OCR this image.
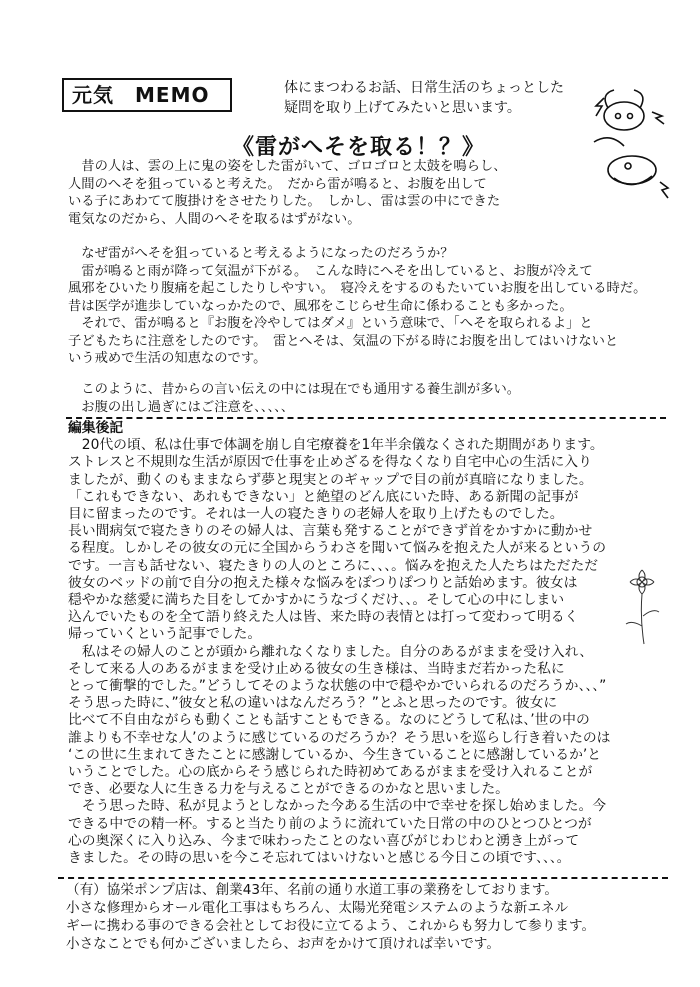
元気　MEMO	体にまつわるお話、日常生活のちょっとした
疑問を取り上げてみたいと思います。
《雷がへそを取る！？》
　昔の人は、雲の上に鬼の姿をした雷がいて、ゴロゴロと太鼓を鳴らし、
人間のへそを狙っていると考えた。　だから雷が鳴ると、お腹を出して
いる子にあわてて腹掛けをさせたりした。　しかし、雷は雲の中にできた
電気なのだから、人間のへそを取るはずがない。
　なぜ雷がへそを狙っていると考えるようになったのだろうか？
　雷が鳴ると雨が降って気温が下がる。　こんな時にへそを出していると、お腹が冷えて
風邪をひいたり腹痛を起こしたりしやすい。　寝冷えをするのもたいていお腹を出している時だ。
昔は医学が進歩していなっかたので、風邪をこじらせ生命に係わることも多かった。
　それで、雷が鳴ると『お腹を冷やしてはダメ』という意味で、「へそを取られるよ」と
子どもたちに注意をしたのです。　雷とへそは、気温の下がる時にお腹を出してはいけないと
いう戒めで生活の知恵なのです。
　このように、昔からの言い伝えの中には現在でも通用する養生訓が多い。
　お腹の出し過ぎにはご注意を、、、、、
編集後記
　20代の頃、私は仕事で体調を崩し自宅療養を1年半余儀なくされた期間があります。
ストレスと不規則な生活が原因で仕事を止めざるを得なくなり自宅中心の生活に入り
ましたが、動くのもままならず夢と現実とのギャップで目の前が真暗になりました。
「これもできない、あれもできない」と絶望のどん底にいた時、ある新聞の記事が
目に留まったのです。それは一人の寝たきりの老婦人を取り上げたものでした。
長い間病気で寝たきりのその婦人は、言葉も発することができず首をかすかに動かせ
る程度。しかしその彼女の元に全国からうわさを聞いて悩みを抱えた人が来るというの
です。一言も話せない、寝たきりの人のところに、、、。悩みを抱えた人たちはただただ
彼女のベッドの前で自分の抱えた様々な悩みをぽつりぽつりと話始めます。彼女は
穏やかな慈愛に満ちた目をしてかすかにうなづくだけ、、。そして心の中にしまい
込んでいたものを全て語り終えた人は皆、来た時の表情とは打って変わって明るく
帰っていくという記事でした。
　私はその婦人のことが頭から離れなくなりました。自分のあるがままを受け入れ、
そして来る人のあるがままを受け止める彼女の生き様は、当時まだ若かった私に
とって衝撃的でした。”どうしてそのような状態の中で穏やかでいられるのだろうか、、、”
そう思った時に、”彼女と私の違いはなんだろう？”とふと思ったのです。彼女に
比べて不自由ながらも動くことも話すこともできる。なのにどうして私は、’世の中の
誰よりも不幸せな人’のように感じているのだろうか？そう思いを巡らし行き着いたのは
‘この世に生まれてきたことに感謝しているか、今生きていることに感謝しているか’と
いうことでした。心の底からそう感じられた時初めてあるがままを受け入れることが
でき、必要な人に生きる力を与えることができるのかなと思いました。
　そう思った時、私が見ようとしなかった今ある生活の中で幸せを探し始めました。今
できる中での精一杯。すると当たり前のように流れていた日常の中のひとつひとつが
心の奥深くに入り込み、今まで味わったことのない喜びがじわじわと湧き上がって
きました。その時の思いを今こそ忘れてはいけないと感じる今日この頃です、、、。
（有）協栄ポンプ店は、創業43年、名前の通り水道工事の業務をしております。
小さな修理からオール電化工事はもちろん、太陽光発電システムのような新エネル
ギーに携わる事のできる会社としてお役に立てるよう、これからも努力して参ります。
小さなことでも何かございましたら、お声をかけて頂ければ幸いです。
